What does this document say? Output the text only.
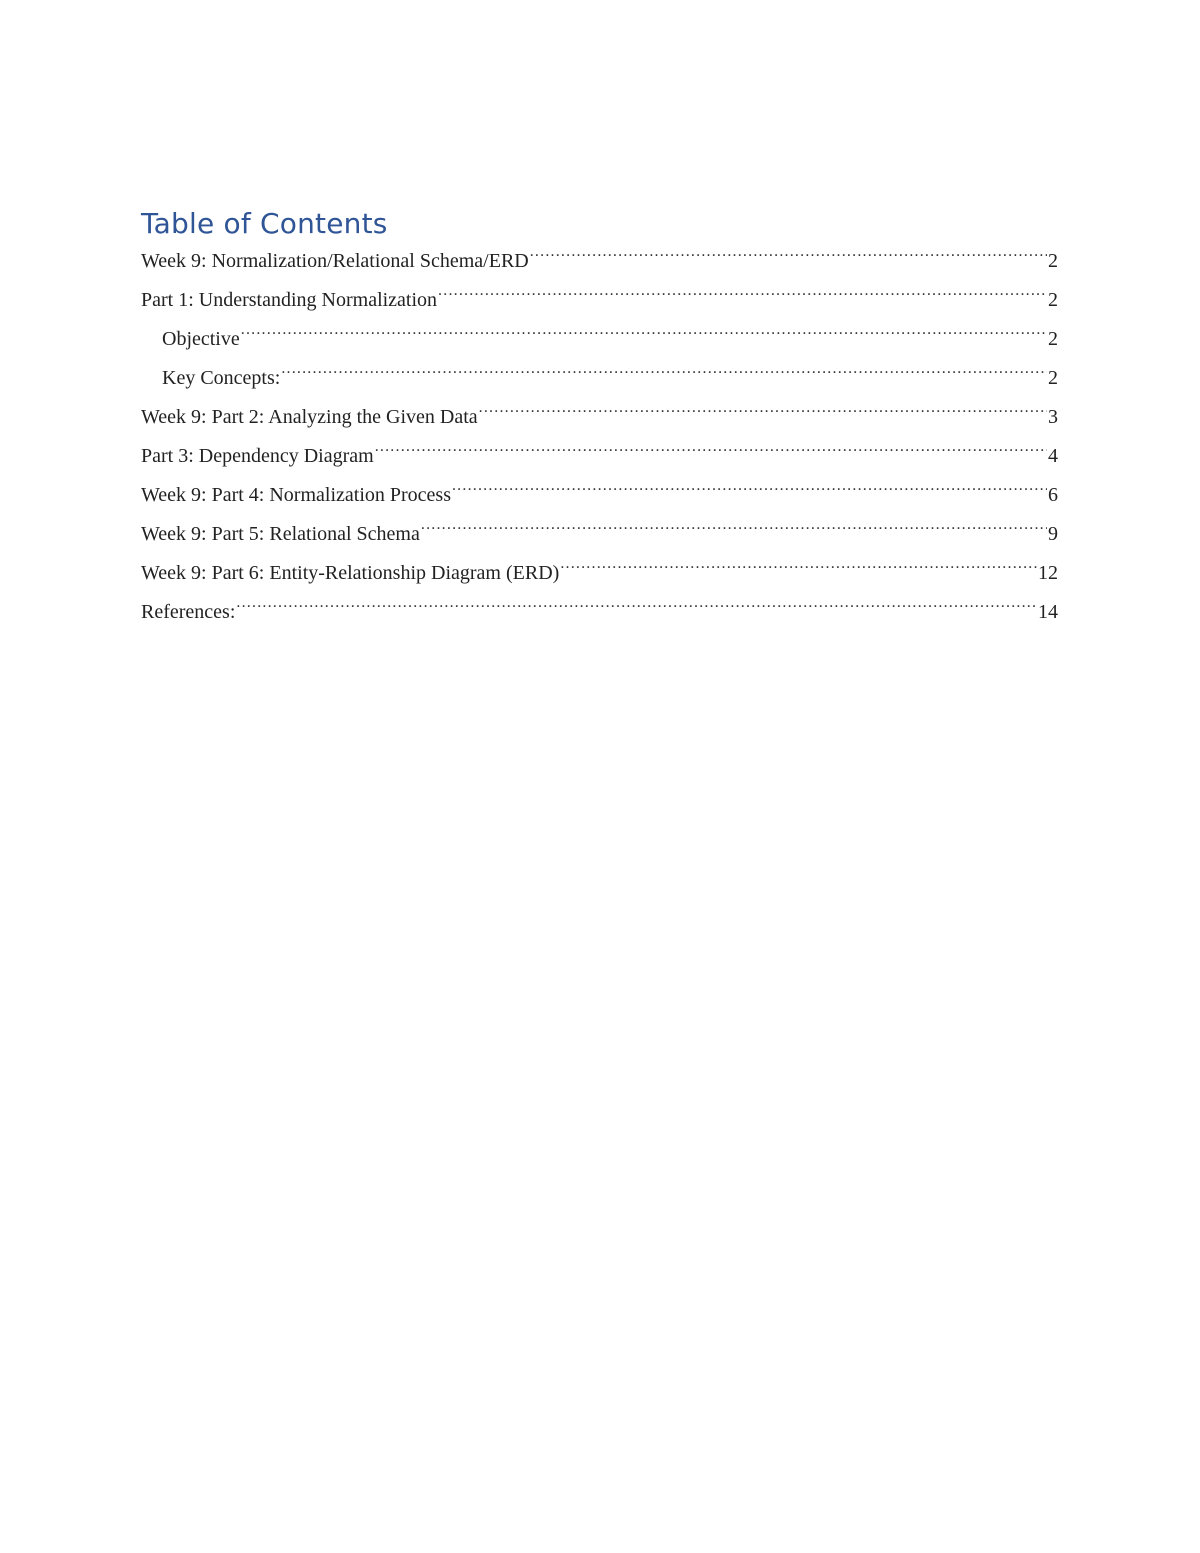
Table of Contents
Week 9: Normalization/Relational Schema/ERD .....	2
Part 1: Understanding Normalization .....	2
Objective .....	2
Key Concepts: .....	2
Week 9: Part 2: Analyzing the Given Data .....	3
Part 3: Dependency Diagram .....	4
Week 9: Part 4: Normalization Process .....	6
Week 9: Part 5: Relational Schema .....	9
Week 9: Part 6: Entity-Relationship Diagram (ERD) .....	12
References: .....	14
